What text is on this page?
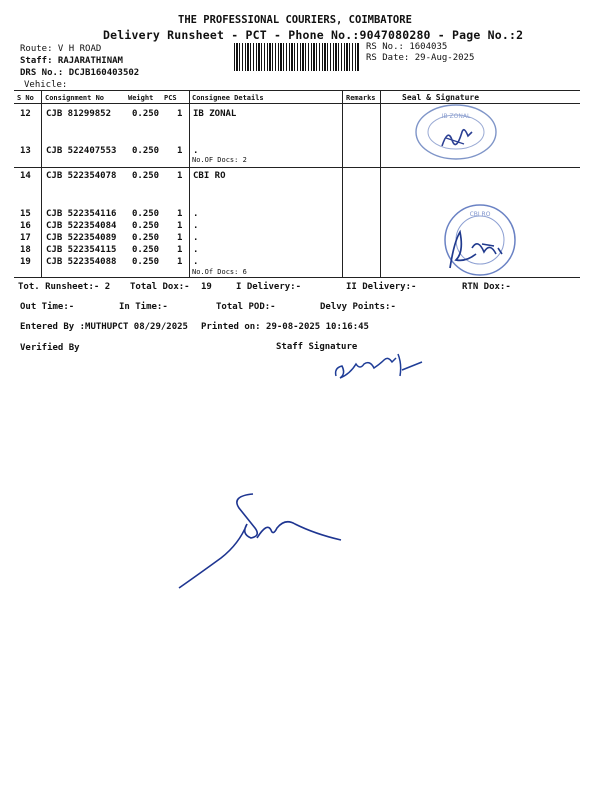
THE PROFESSIONAL COURIERS, COIMBATORE
Delivery Runsheet - PCT - Phone No.:9047080280 - Page No.:2
Route: V H ROAD
Staff: RAJARATHINAM
DRS No.: DCJB160403502
Vehicle:
RS No.: 1604035
RS Date: 29-Aug-2025
S No Consignment No	Weight PCS Consignee Details	Remarks	Seal & Signature
12 CJB 81299852 0.250 1 IB ZONAL
13 CJB 522407553 0.250 1 .
No.OF Docs: 2
14 CJB 522354078 0.250 1 CBI RO
15 CJB 522354116 0.250 1 .
16 CJB 522354084 0.250 1 .
17 CJB 522354089 0.250 1 .
18 CJB 522354115 0.250 1 .
19 CJB 522354088 0.250 1 .
No.Of Docs: 6
IB ZONAL
CBI RO
Tot. Runsheet:- 2 Total Dox:- 19	I Delivery:-	II Delivery:-	RTN Dox:-
Out Time:-	In Time:-	Total POD:-	Delvy Points:-
Entered By :MUTHUPCT 08/29/2025 Printed on: 29-08-2025 10:16:45
Verified By	Staff Signature
